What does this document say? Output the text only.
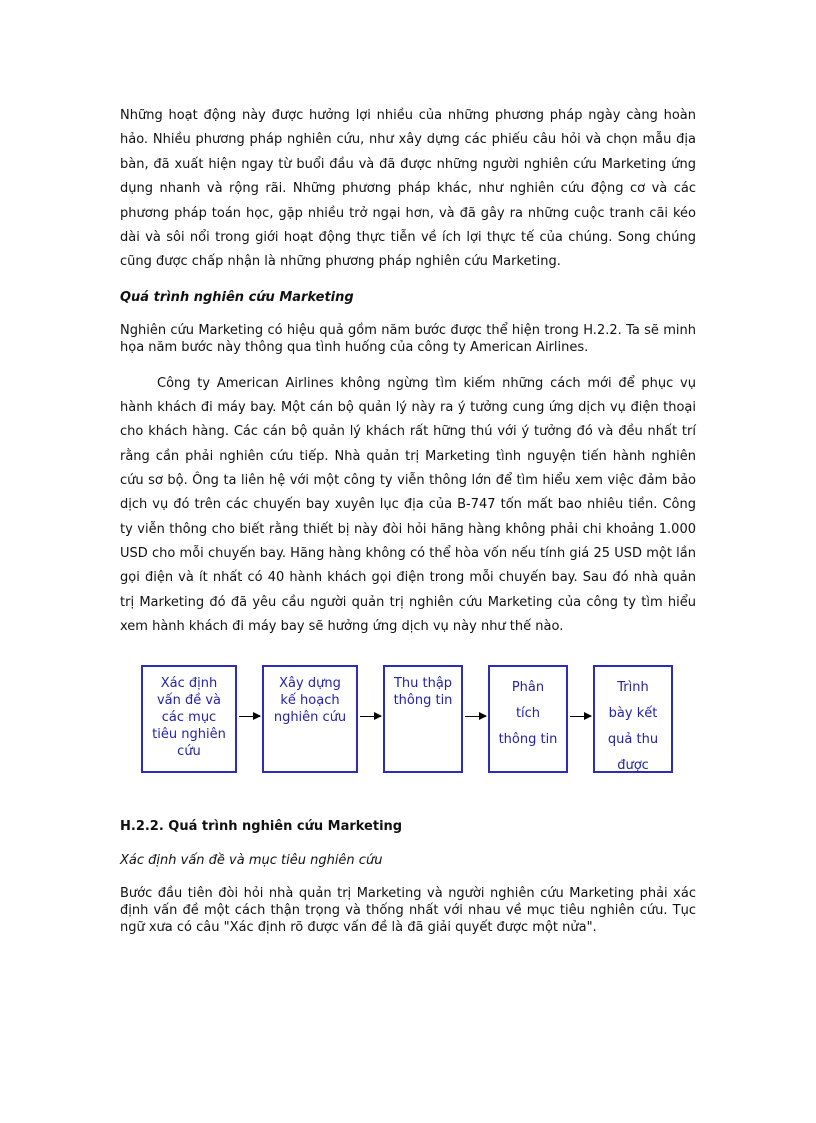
Những hoạt động này được hưởng lợi nhiều của những phương pháp ngày càng hoàn hảo. Nhiều phương pháp nghiên cứu, như xây dựng các phiếu câu hỏi và chọn mẫu địa bàn, đã xuất hiện ngay từ buổi đầu và đã được những người nghiên cứu Marketing ứng dụng nhanh và rộng rãi. Những phương pháp khác, như nghiên cứu động cơ và các phương pháp toán học, gặp nhiều trở ngại hơn, và đã gây ra những cuộc tranh cãi kéo dài và sôi nổi trong giới hoạt động thực tiễn về ích lợi thực tế của chúng. Song chúng cũng được chấp nhận là những phương pháp nghiên cứu Marketing.

Quá trình nghiên cứu Marketing

Nghiên cứu Marketing có hiệu quả gồm năm bước được thể hiện trong H.2.2. Ta sẽ minh họa năm bước này thông qua tình huống của công ty American Airlines.

Công ty American Airlines không ngừng tìm kiếm những cách mới để phục vụ hành khách đi máy bay. Một cán bộ quản lý này ra ý tưởng cung ứng dịch vụ điện thoại cho khách hàng. Các cán bộ quản lý khách rất hững thú với ý tưởng đó và đều nhất trí rằng cần phải nghiên cứu tiếp. Nhà quản trị Marketing tình nguyện tiến hành nghiên cứu sơ bộ. Ông ta liên hệ với một công ty viễn thông lớn để tìm hiểu xem việc đảm bảo dịch vụ đó trên các chuyến bay xuyên lục địa của B-747 tốn mất bao nhiêu tiền. Công ty viễn thông cho biết rằng thiết bị này đòi hỏi hãng hàng không phải chi khoảng 1.000 USD cho mỗi chuyến bay. Hãng hàng không có thể hòa vốn nếu tính giá 25 USD một lần gọi điện và ít nhất có 40 hành khách gọi điện trong mỗi chuyến bay. Sau đó nhà quản trị Marketing đó đã yêu cầu người quản trị nghiên cứu Marketing của công ty tìm hiểu xem hành khách đi máy bay sẽ hưởng ứng dịch vụ này như thế nào.

Xác định
vấn đề và
các mục
tiêu nghiên
cứu
Xây dựng
kế hoạch
nghiên cứu
Thu thập
thông tin
Phân
tích
thông tin
Trình
bày kết
quả thu
được
H.2.2. Quá trình nghiên cứu Marketing
Xác định vấn đề và mục tiêu nghiên cứu

Bước đầu tiên đòi hỏi nhà quản trị Marketing và người nghiên cứu Marketing phải xác định vấn đề một cách thận trọng và thống nhất với nhau về mục tiêu nghiên cứu. Tục ngữ xưa có câu "Xác định rõ được vấn đề là đã giải quyết được một nửa".
